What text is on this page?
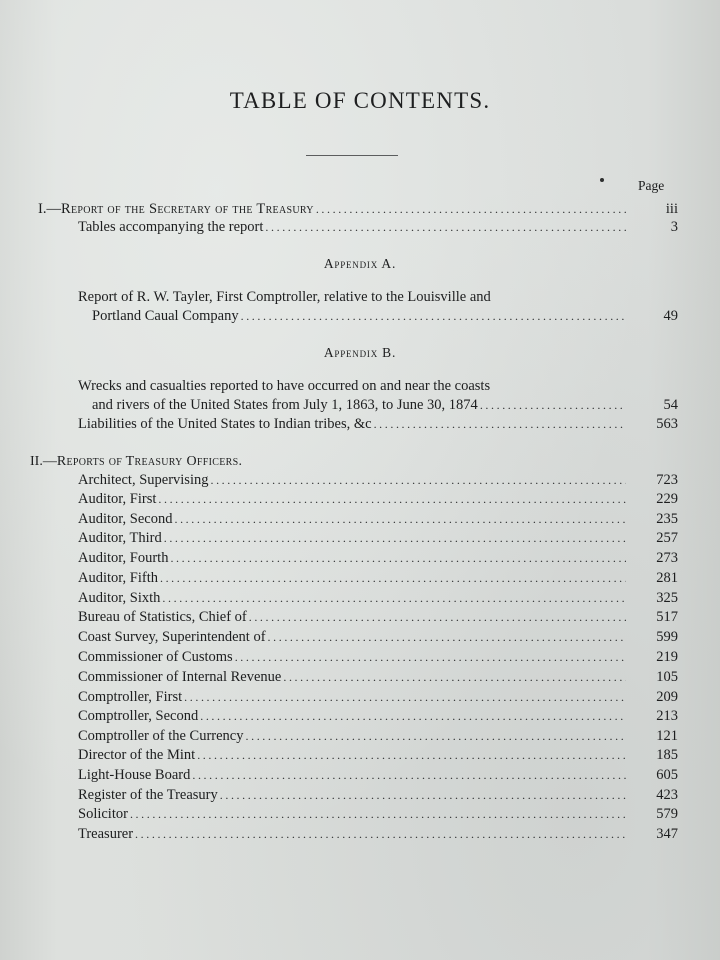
TABLE OF CONTENTS.
Page
I.—Report of the Secretary of the Treasury .....	iii
Tables accompanying the report .....	3
Appendix A.
Report of R. W. Tayler, First Comptroller, relative to the Louisville and
Portland Caual Company .....	49
Appendix B.
Wrecks and casualties reported to have occurred on and near the coasts
and rivers of the United States from July 1, 1863, to June 30, 1874 .....	54
Liabilities of the United States to Indian tribes, &c .....	563
II.—Reports of Treasury Officers.
Architect, Supervising .....	723
Auditor, First .....	229
Auditor, Second .....	235
Auditor, Third .....	257
Auditor, Fourth .....	273
Auditor, Fifth .....	281
Auditor, Sixth .....	325
Bureau of Statistics, Chief of .....	517
Coast Survey, Superintendent of .....	599
Commissioner of Customs .....	219
Commissioner of Internal Revenue .....	105
Comptroller, First .....	209
Comptroller, Second .....	213
Comptroller of the Currency .....	121
Director of the Mint .....	185
Light-House Board .....	605
Register of the Treasury .....	423
Solicitor .....	579
Treasurer .....	347
